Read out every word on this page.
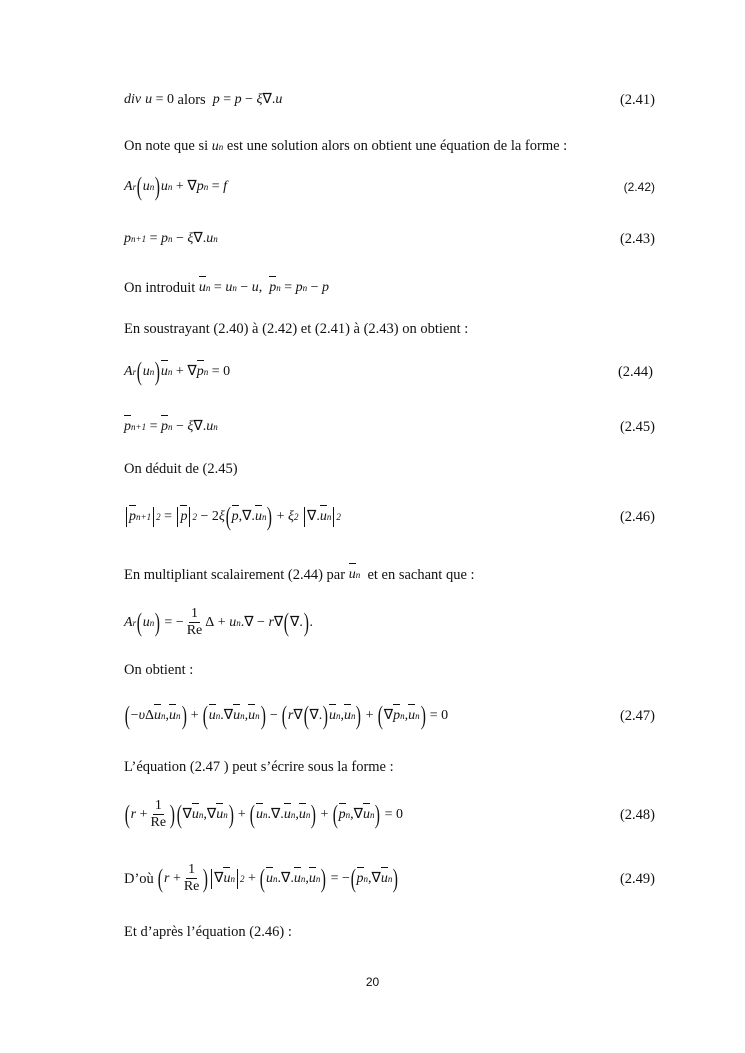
div u = 0
alors p = p − ξ ∇. u	(2.41)
On note que si u n est une solution alors on obtient une équation de la forme :
A r ( u n ) u n + ∇ p n = f	(2.42)
p n+1 = p n − ξ ∇. u n	(2.43)
On introduit
u n = u n − u , p n = p n − p
En soustrayant (2.40) à (2.42) et (2.41) à (2.43) on obtient :
A r ( u n ) u n + ∇ p n = 0	(2.44)
p n+1 = p n − ξ ∇. u n	(2.45)
On déduit de (2.45)
p n+1 2 = p 2 − 2 ξ ( p ,∇. u n ) + ξ 2
∇. u n 2	(2.46)
En multipliant scalairement (2.44) par
u n
et en sachant que :
A r ( u n ) = − $\frac{1}{Re}$ Δ + u n .∇ − r ∇ ( ∇. ) .
On obtient :
( − υ Δ u n , u n ) + ( u n .∇ u n , u n ) − ( r ∇ ( ∇. ) u n , u n ) + ( ∇ p n , u n ) = 0	(2.47)
L’équation (2.47 ) peut s’écrire sous la forme :
( $r + \frac{1}{Re}$ ) ( ∇ u n ,∇ u n ) + ( u n .∇. u n , u n ) + ( p n ,∇ u n ) = 0	(2.48)
D’où
( $r + \frac{1}{Re}$ ) ∇ u n 2 + ( u n .∇. u n , u n ) = − ( p n ,∇ u n )	(2.49)
Et d’après l’équation (2.46) :
20
